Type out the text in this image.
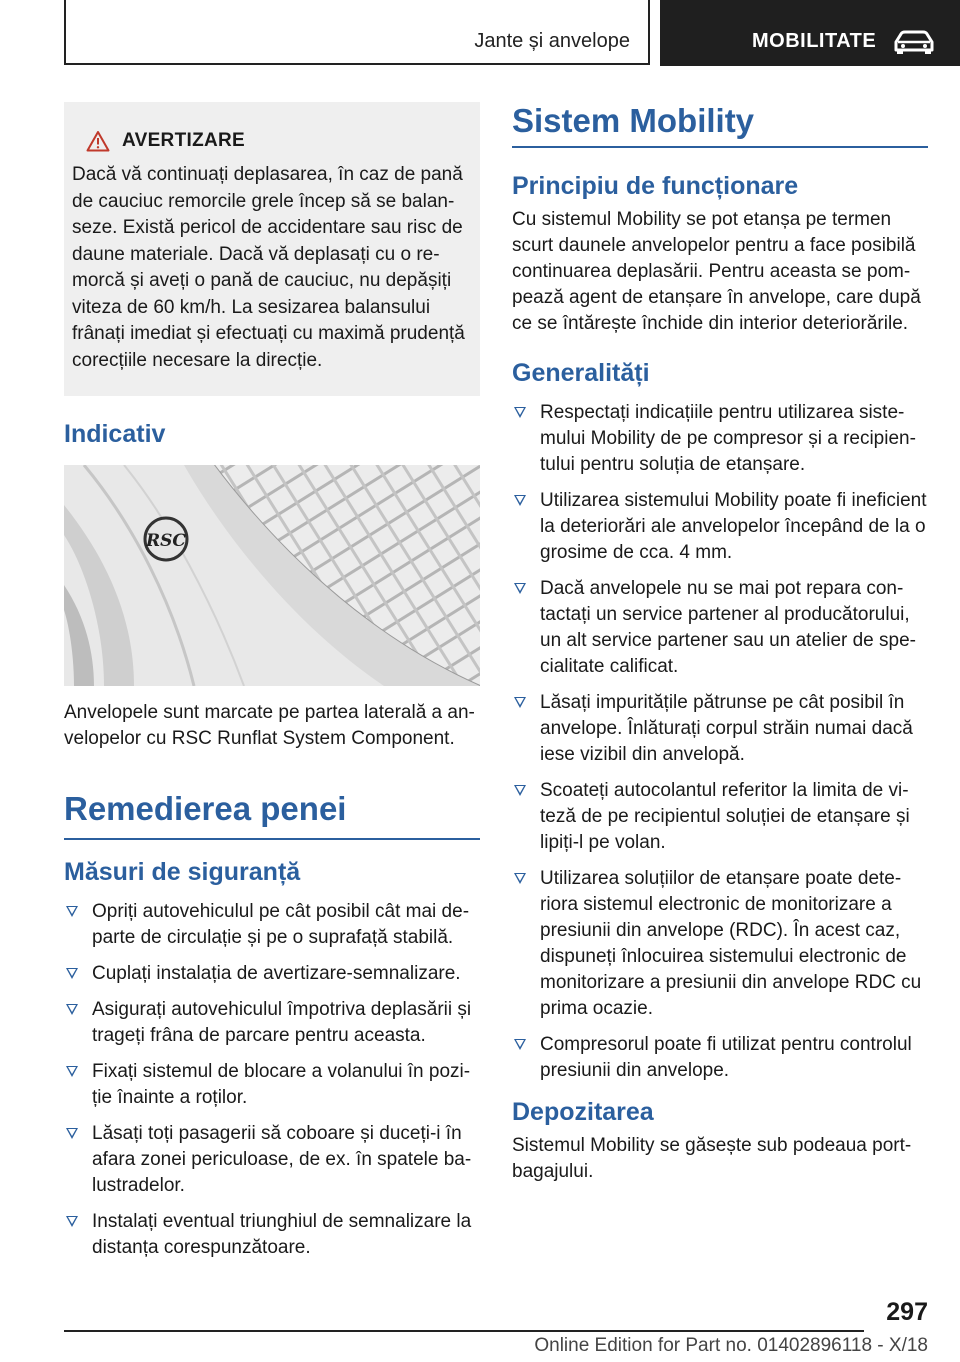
Jante și anvelope	MOBILITATE
AVERTIZARE
Dacă vă continuați deplasarea, în caz de pană de cauciuc remorcile grele încep să se balanseze. Există pericol de accidentare sau risc de daune materiale. Dacă vă deplasați cu o remorcă și aveți o pană de cauciuc, nu depășiți viteza de 60 km/h. La sesizarea balansului frânați imediat și efectuați cu maximă prudență corecțiile necesare la direcție.
Indicativ
RSC

Anvelopele sunt marcate pe partea laterală a anvelopelor cu RSC Runflat System Component.

Remedierea penei
Măsuri de siguranță
Opriți autovehiculul pe cât posibil cât mai departe de circulație și pe o suprafață stabilă.
Cuplați instalația de avertizare-semnalizare.
Asigurați autovehiculul împotriva deplasării și trageți frâna de parcare pentru aceasta.
Fixați sistemul de blocare a volanului în poziție înainte a roților.
Lăsați toți pasagerii să coboare și duceți-i în afara zonei periculoase, de ex. în spatele balustradelor.
Instalați eventual triunghiul de semnalizare la distanța corespunzătoare.
Sistem Mobility
Principiu de funcționare

Cu sistemul Mobility se pot etanșa pe termen scurt daunele anvelopelor pentru a face posibilă continuarea deplasării. Pentru aceasta se pompează agent de etanșare în anvelope, care după ce se întărește închide din interior deteriorările.

Generalități
Respectați indicațiile pentru utilizarea sistemului Mobility de pe compresor și a recipientului pentru soluția de etanșare.
Utilizarea sistemului Mobility poate fi ineficient la deteriorări ale anvelopelor începând de la o grosime de cca. 4 mm.
Dacă anvelopele nu se mai pot repara contactați un service partener al producătorului, un alt service partener sau un atelier de specialitate calificat.
Lăsați impuritățile pătrunse pe cât posibil în anvelope. Înlăturați corpul străin numai dacă iese vizibil din anvelopă.
Scoateți autocolantul referitor la limita de viteză de pe recipientul soluției de etanșare și lipiți-l pe volan.
Utilizarea soluțiilor de etanșare poate deteriora sistemul electronic de monitorizare a presiunii din anvelope (RDC). În acest caz, dispuneți înlocuirea sistemului electronic de monitorizare a presiunii din anvelope RDC cu prima ocazie.
Compresorul poate fi utilizat pentru controlul presiunii din anvelope.
Depozitarea

Sistemul Mobility se găsește sub podeaua portbagajului.

297
Online Edition for Part no. 01402896118 - X/18
